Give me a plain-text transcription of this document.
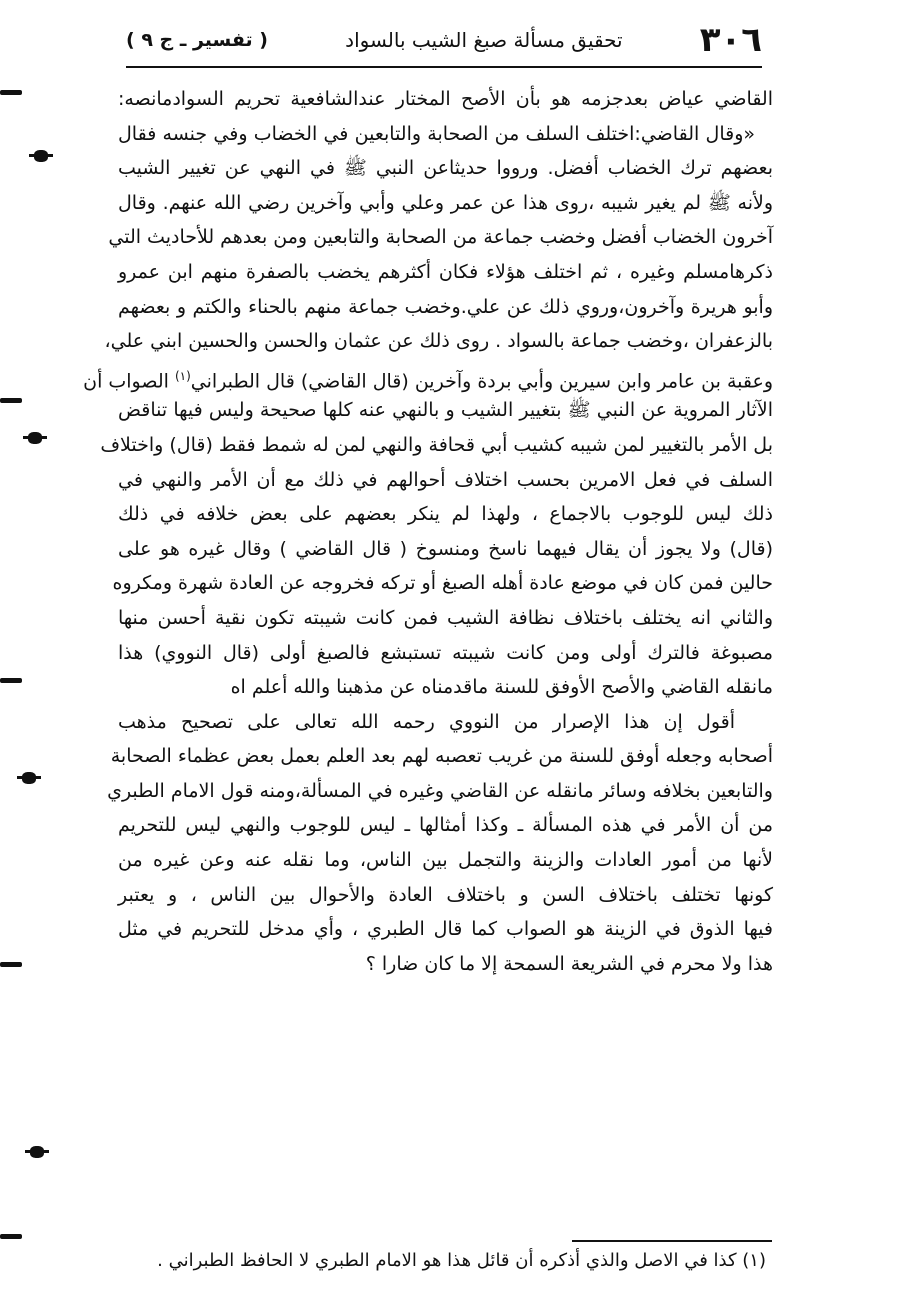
٣٠٦
تحقيق مسألة صبغ الشيب بالسواد
( تفسير ـ ج ٩ )
القاضي عياض بعدجزمه هو بأن الأصح المختار عندالشافعية تحريم السوادمانصه:
«وقال القاضي:اختلف السلف من الصحابة والتابعين في الخضاب وفي جنسه فقال
بعضهم ترك الخضاب أفضل. ورووا حديثاعن النبي ﷺ في النهي عن تغيير الشيب
ولأنه ﷺ لم يغير شيبه ،روى هذا عن عمر وعلي وأبي وآخرين رضي الله عنهم. وقال
آخرون الخضاب أفضل وخضب جماعة من الصحابة والتابعين ومن بعدهم للأحاديث التي
ذكرهامسلم وغيره ، ثم اختلف هؤلاء فكان أكثرهم يخضب بالصفرة منهم ابن عمرو
وأبو هريرة وآخرون،وروي ذلك عن علي.وخضب جماعة منهم بالحناء والكتم و بعضهم
بالزعفران ،وخضب جماعة بالسواد . روى ذلك عن عثمان والحسن والحسين ابني علي،
وعقبة بن عامر وابن سيرين وأبي بردة وآخرين (قال القاضي) قال الطبراني$^{(١)}$ الصواب أن
الآثار المروية عن النبي ﷺ بتغيير الشيب و بالنهي عنه كلها صحيحة وليس فيها تناقض
بل الأمر بالتغيير لمن شيبه كشيب أبي قحافة والنهي لمن له شمط فقط (قال) واختلاف
السلف في فعل الامرين بحسب اختلاف أحوالهم في ذلك مع أن الأمر والنهي في
ذلك ليس للوجوب بالاجماع ، ولهذا لم ينكر بعضهم على بعض خلافه في ذلك
(قال) ولا يجوز أن يقال فيهما ناسخ ومنسوخ ( قال القاضي ) وقال غيره هو على
حالين فمن كان في موضع عادة أهله الصبغ أو تركه فخروجه عن العادة شهرة ومكروه
والثاني انه يختلف باختلاف نظافة الشيب فمن كانت شيبته تكون نقية أحسن منها
مصبوغة فالترك أولى ومن كانت شيبته تستبشع فالصبغ أولى (قال النووي) هذا
مانقله القاضي والأصح الأوفق للسنة ماقدمناه عن مذهبنا والله أعلم اه
أقول إن هذا الإصرار من النووي رحمه الله تعالى على تصحيح مذهب
أصحابه وجعله أوفق للسنة من غريب تعصبه لهم بعد العلم بعمل بعض عظماء الصحابة
والتابعين بخلافه وسائر مانقله عن القاضي وغيره في المسألة،ومنه قول الامام الطبري
من أن الأمر في هذه المسألة ـ وكذا أمثالها ـ ليس للوجوب والنهي ليس للتحريم
لأنها من أمور العادات والزينة والتجمل بين الناس، وما نقله عنه وعن غيره من
كونها تختلف باختلاف السن و باختلاف العادة والأحوال بين الناس ، و يعتبر
فيها الذوق في الزينة هو الصواب كما قال الطبري ، وأي مدخل للتحريم في مثل
هذا ولا محرم في الشريعة السمحة إلا ما كان ضارا ؟
(١) كذا في الاصل والذي أذكره أن قائل هذا هو الامام الطبري لا الحافظ الطبراني .
